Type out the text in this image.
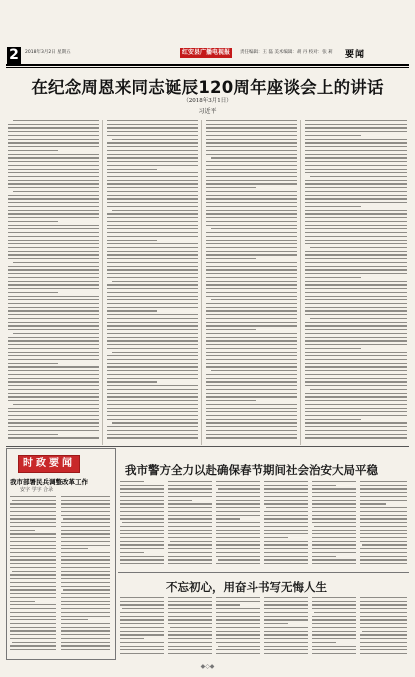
2	2018年3月2日 星期五	红安县广播电视报	责任编辑：王 磊 美术编辑：胡 丹 校对：张 莉 要闻
在纪念周恩来同志诞辰120周年座谈会上的讲话
（2018年3月1日）
习近平
时政要闻
我市部署民兵调整改革工作
安字 学字 合录
我市警方全力以赴确保春节期间社会治安大局平稳
不忘初心，用奋斗书写无悔人生
◆◇◆
